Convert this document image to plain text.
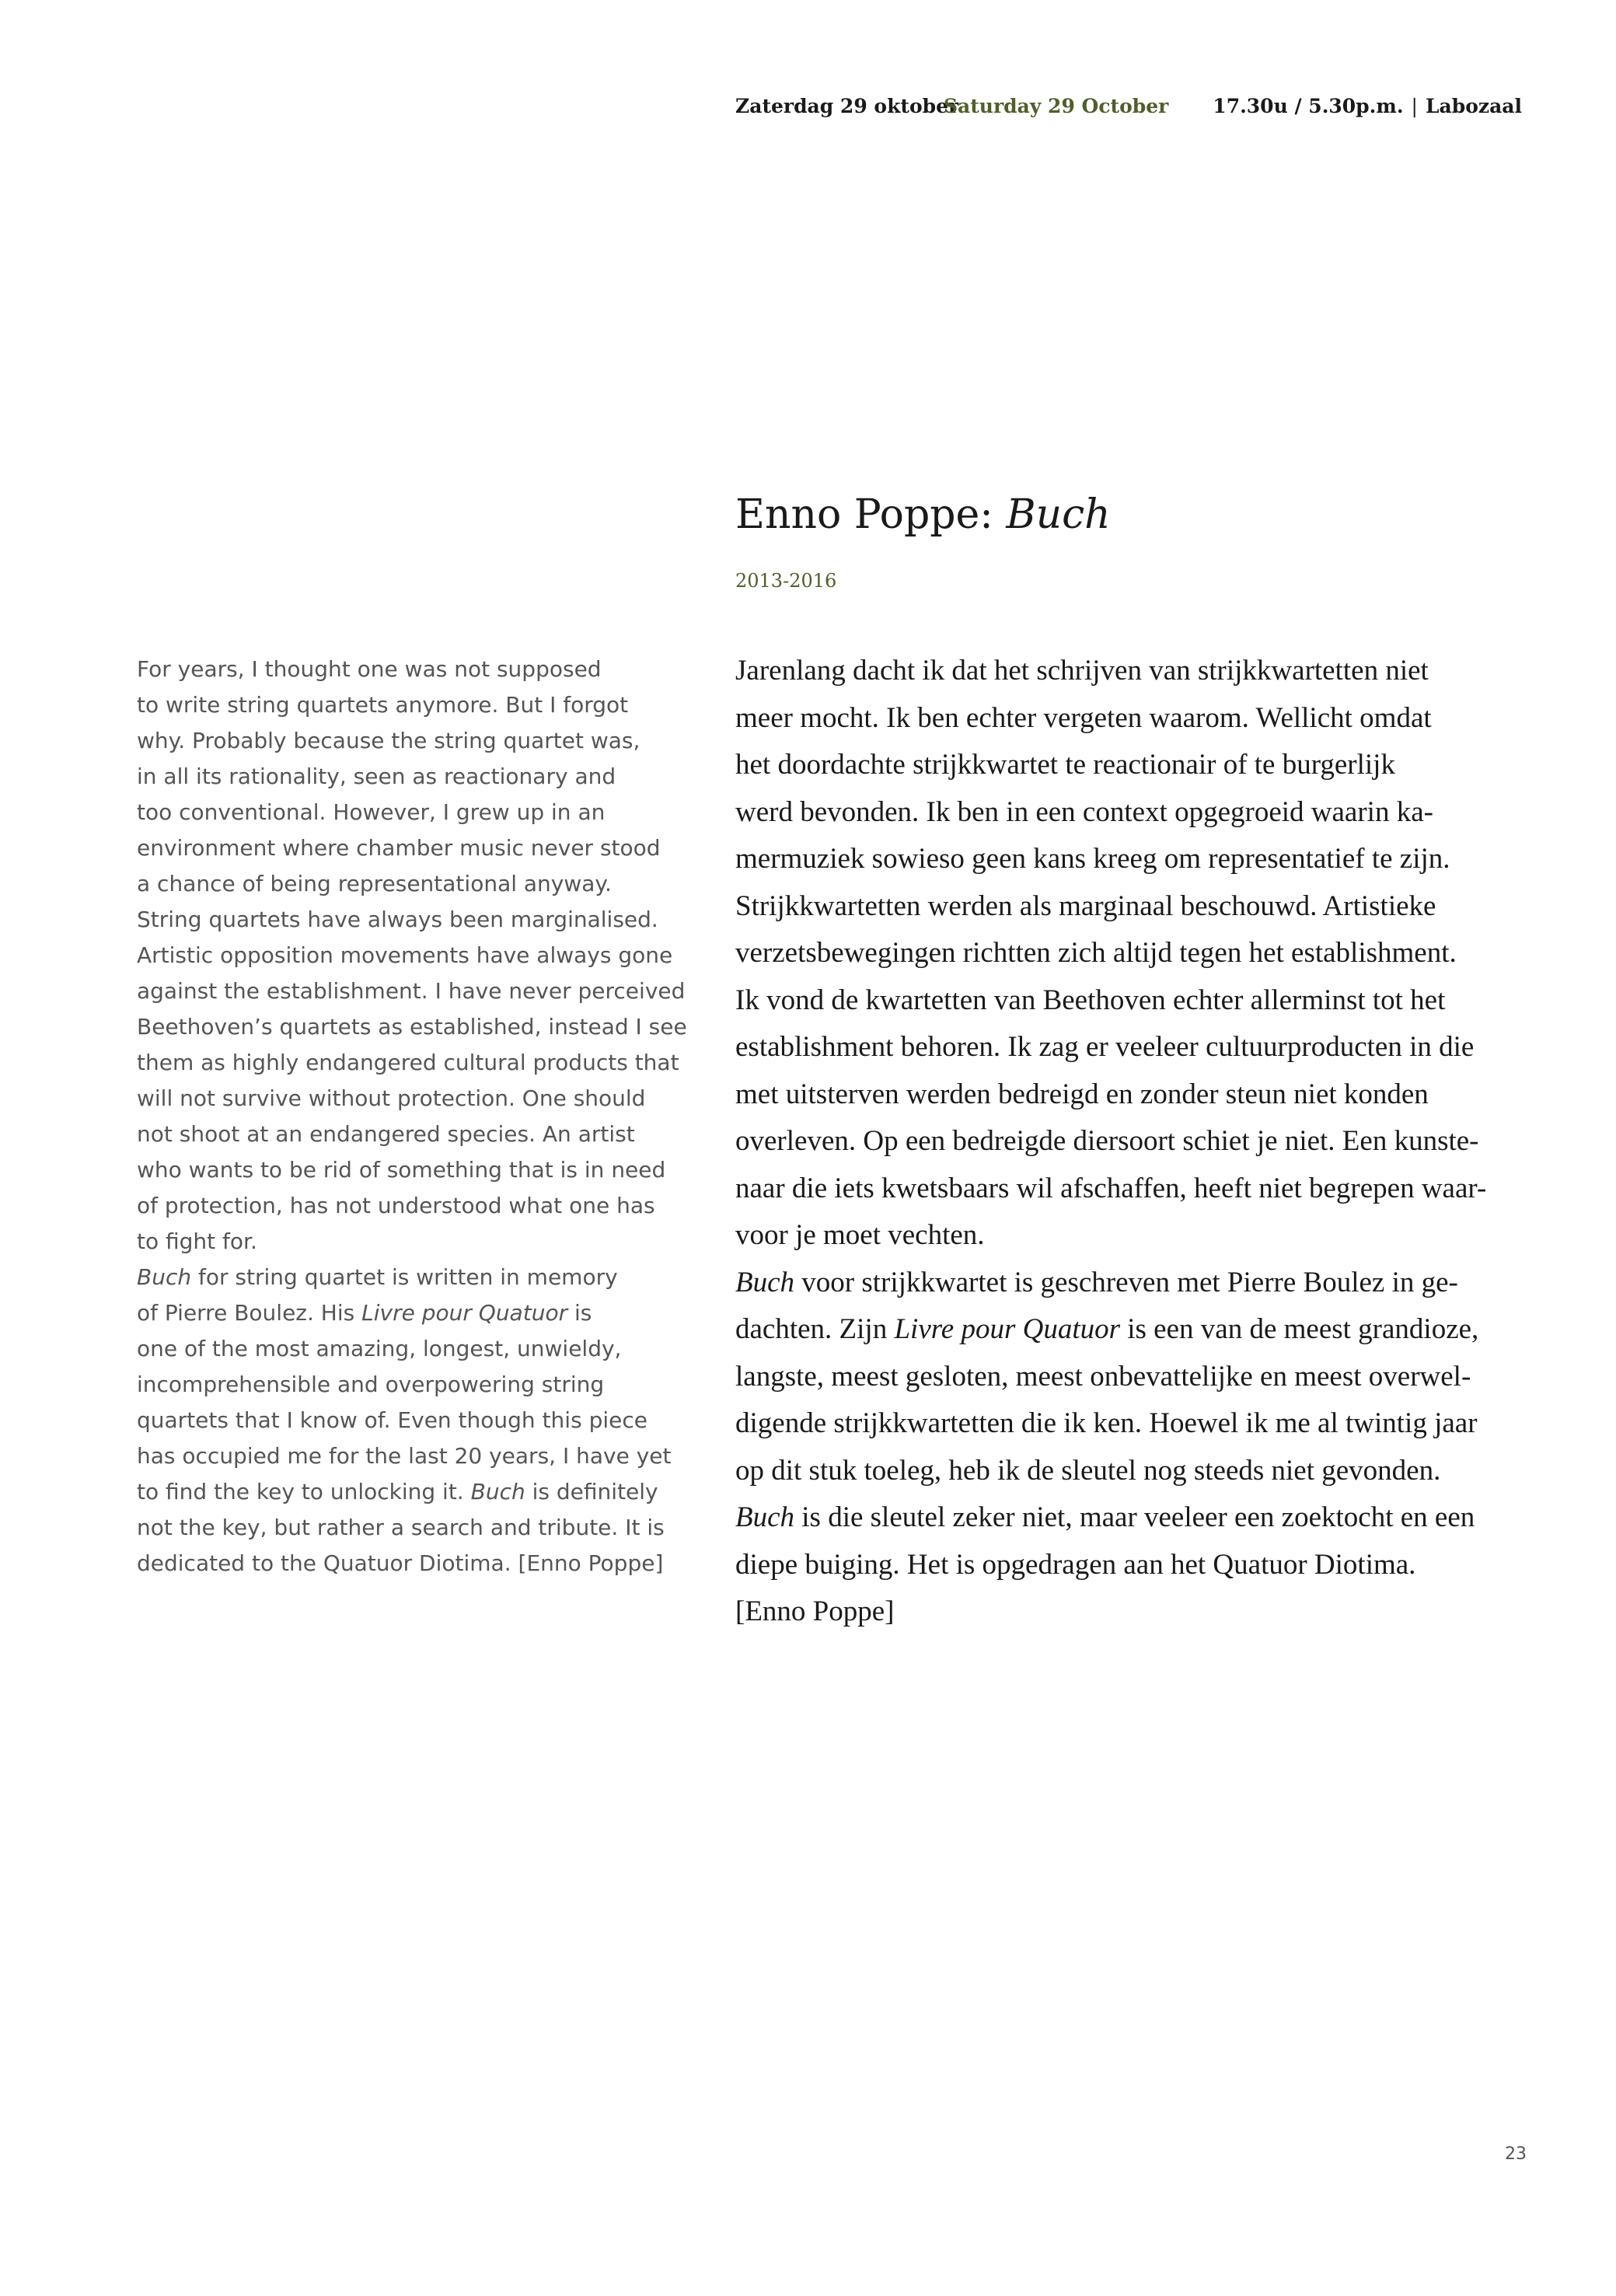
Zaterdag 29 oktober
Saturday 29 October 17.30u / 5.30p.m. | Labozaal
Enno Poppe: Buch
2013-2016
For years, I thought one was not supposed
to write string quartets anymore. But I forgot
why. Probably because the string quartet was,
in all its rationality, seen as reactionary and
too conventional. However, I grew up in an
environment where chamber music never stood
a chance of being representational anyway.
String quartets have always been marginalised.
Artistic opposition movements have always gone
against the establishment. I have never perceived
Beethoven’s quartets as established, instead I see
them as highly endangered cultural products that
will not survive without protection. One should
not shoot at an endangered species. An artist
who wants to be rid of something that is in need
of protection, has not understood what one has
to fight for.
Buch for string quartet is written in memory
of Pierre Boulez. His Livre pour Quatuor is
one of the most amazing, longest, unwieldy,
incomprehensible and overpowering string
quartets that I know of. Even though this piece
has occupied me for the last 20 years, I have yet
to find the key to unlocking it. Buch is definitely
not the key, but rather a search and tribute. It is
dedicated to the Quatuor Diotima. [Enno Poppe]
Jarenlang dacht ik dat het schrijven van strijkkwartetten niet
meer mocht. Ik ben echter vergeten waarom. Wellicht omdat
het doordachte strijkkwartet te reactionair of te burgerlijk
werd bevonden. Ik ben in een context opgegroeid waarin ka-
mermuziek sowieso geen kans kreeg om representatief te zijn.
Strijkkwartetten werden als marginaal beschouwd. Artistieke
verzetsbewegingen richtten zich altijd tegen het establishment.
Ik vond de kwartetten van Beethoven echter allerminst tot het
establishment behoren. Ik zag er veeleer cultuurproducten in die
met uitsterven werden bedreigd en zonder steun niet konden
overleven. Op een bedreigde diersoort schiet je niet. Een kunste-
naar die iets kwetsbaars wil afschaffen, heeft niet begrepen waar-
voor je moet vechten.
Buch voor strijkkwartet is geschreven met Pierre Boulez in ge-
dachten. Zijn Livre pour Quatuor is een van de meest grandioze,
langste, meest gesloten, meest onbevattelijke en meest overwel-
digende strijkkwartetten die ik ken. Hoewel ik me al twintig jaar
op dit stuk toeleg, heb ik de sleutel nog steeds niet gevonden.
Buch is die sleutel zeker niet, maar veeleer een zoektocht en een
diepe buiging. Het is opgedragen aan het Quatuor Diotima.
[Enno Poppe]
23
